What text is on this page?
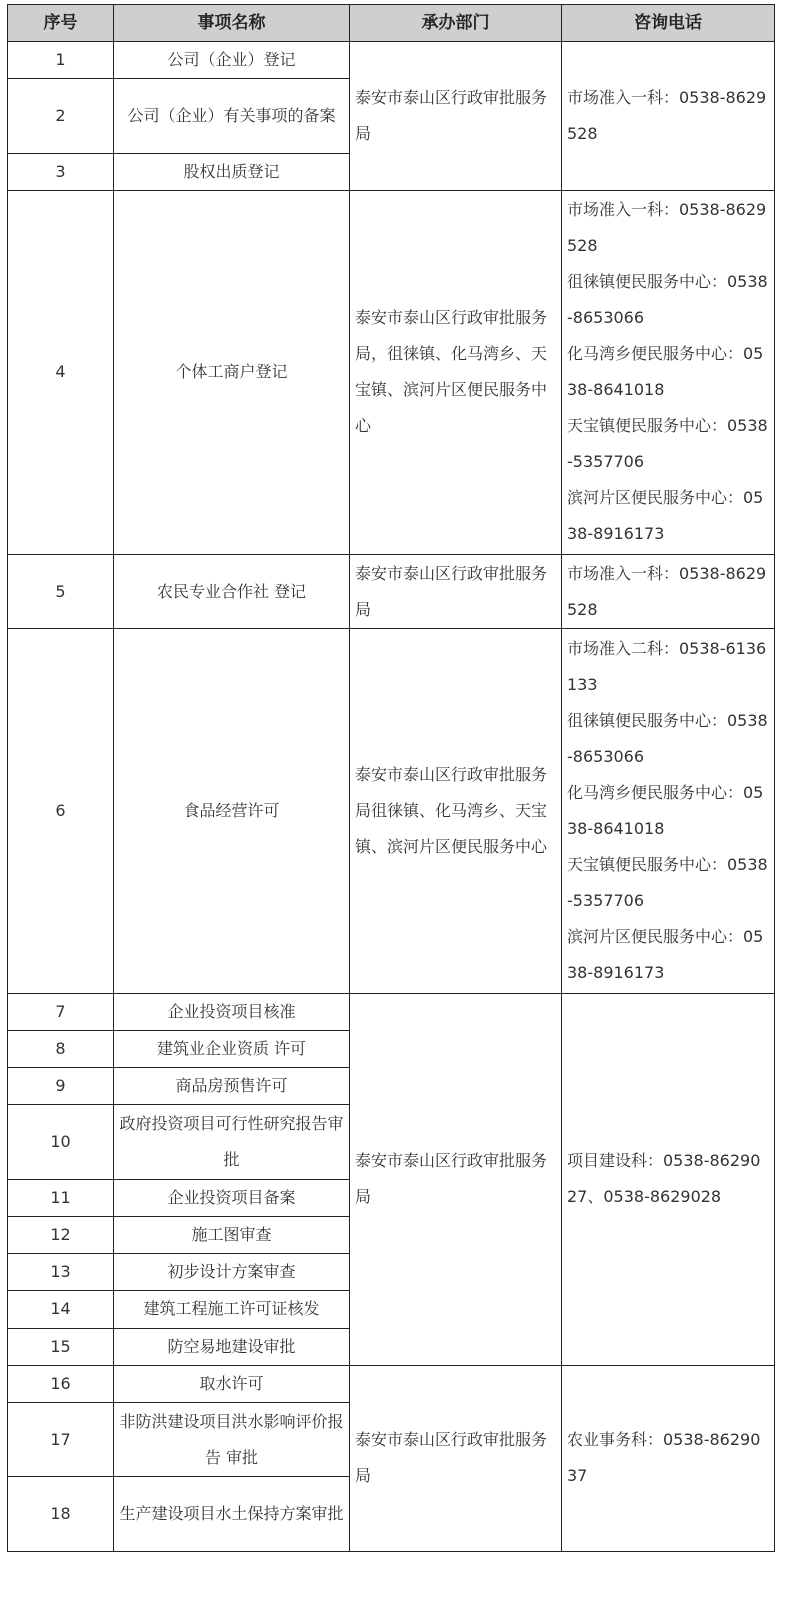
序号	事项名称	承办部门	咨询电话
1	公司（企业）登记	泰安市泰山区行政审批服务局	市场准入一科：0538-8629528
2	公司（企业）有关事项的备案		
3	股权出质登记		
4	个体工商户登记	泰安市泰山区行政审批服务局，徂徕镇、化马湾乡、天宝镇、滨河片区便民服务中心	市场准入一科：0538-8629528
徂徕镇便民服务中心：0538-8653066
化马湾乡便民服务中心：0538-8641018
天宝镇便民服务中心：0538-5357706
滨河片区便民服务中心：0538-8916173

5	农民专业合作社 登记	泰安市泰山区行政审批服务局	市场准入一科：0538-8629528
6	食品经营许可	泰安市泰山区行政审批服务局徂徕镇、化马湾乡、天宝镇、滨河片区便民服务中心	市场准入二科：0538-6136133
徂徕镇便民服务中心：0538-8653066
化马湾乡便民服务中心：0538-8641018
天宝镇便民服务中心：0538-5357706
滨河片区便民服务中心：0538-8916173

7	企业投资项目核准	泰安市泰山区行政审批服务局	项目建设科：0538-8629027、0538-8629028
8	建筑业企业资质 许可		
9	商品房预售许可		
10	政府投资项目可行性研究报告审批		
11	企业投资项目备案		
12	施工图审查		
13	初步设计方案审查		
14	建筑工程施工许可证核发		
15	防空易地建设审批		
16	取水许可	泰安市泰山区行政审批服务局	农业事务科：0538-8629037
17	非防洪建设项目洪水影响评价报告 审批		
18	生产建设项目水土保持方案审批		
